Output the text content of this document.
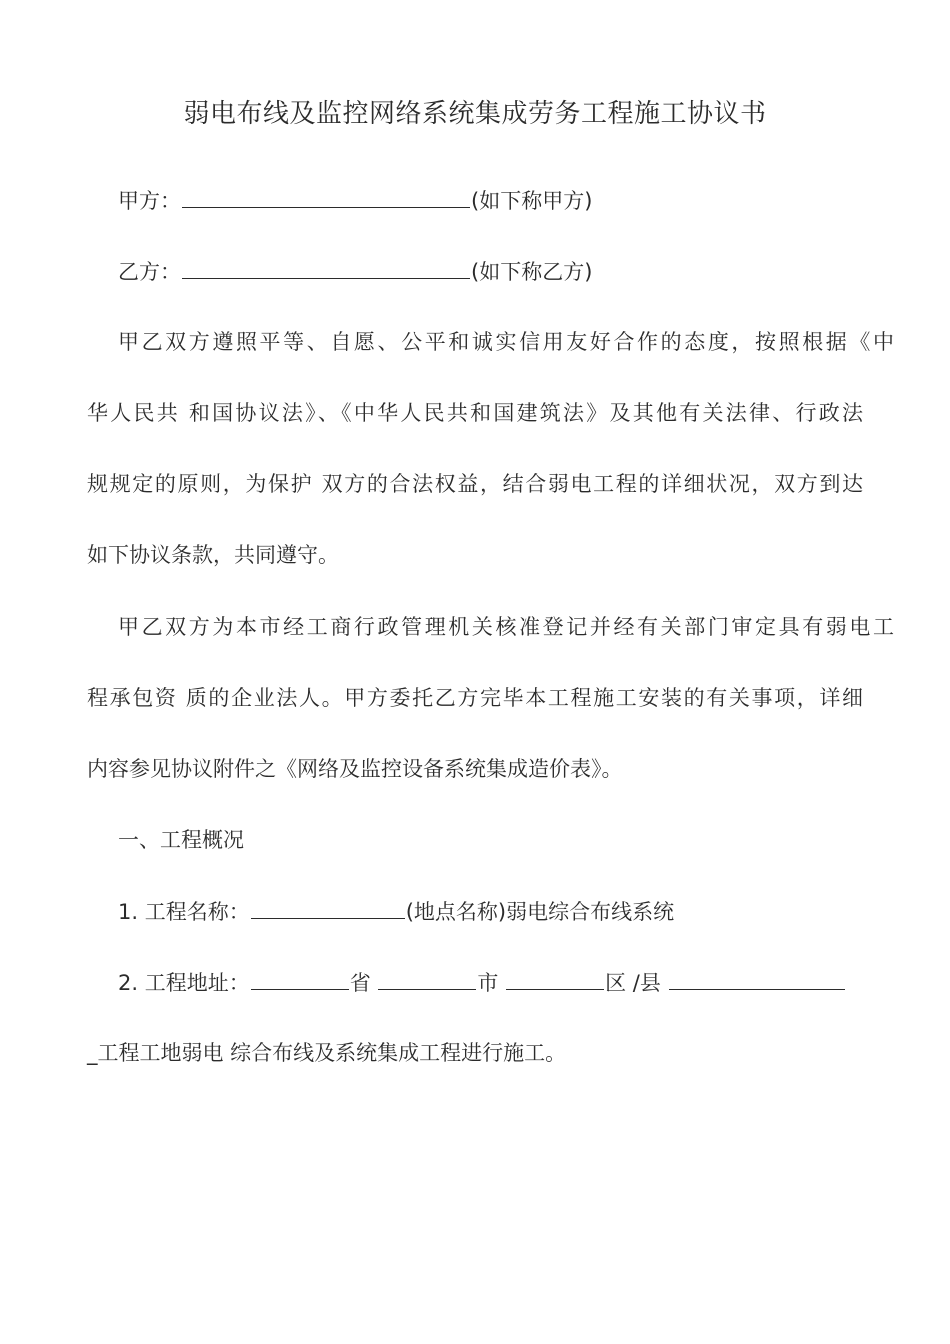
弱电布线及监控网络系统集成劳务工程施工协议书
甲方：	(如下称甲方)
乙方：	(如下称乙方)
甲乙双方遵照平等、自愿、公平和诚实信用友好合作的态度，按照根据《中
华人民共 和国协议法》、《中华人民共和国建筑法》及其他有关法律、行政法
规规定的原则，为保护 双方的合法权益，结合弱电工程的详细状况，双方到达
如下协议条款，共同遵守。
甲乙双方为本市经工商行政管理机关核准登记并经有关部门审定具有弱电工
程承包资 质的企业法人。甲方委托乙方完毕本工程施工安装的有关事项，详细
内容参见协议附件之《网络及监控设备系统集成造价表》。
一、工程概况
1. 工程名称：	(地点名称)弱电综合布线系统
2. 工程地址：	省	市	区 /县
_工程工地弱电 综合布线及系统集成工程进行施工。
